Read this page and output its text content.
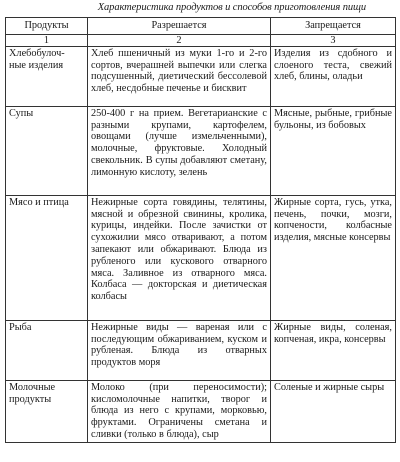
Характеристика продуктов и способов приготовления пищи
Продукты	Разрешается	Запрещается
1	2	3
Хлебобулоч-
ные изделия	Хлеб пшеничный из муки 1-го и 2-го сортов, вчерашней выпечки или слегка подсушенный, диетический бессолевой хлеб, несдобные печенье и бисквит	Изделия из сдобного и слоеного теста, свежий хлеб, блины, оладьи
Супы	250-400 г на прием. Вегетарианские с разными крупами, картофелем, овощами (лучше измельченными), молочные, фруктовые. Холодный свекольник. В супы добавляют сметану, лимонную кислоту, зелень	Мясные, рыбные, грибные бульоны, из бобовых
Мясо и птица	Нежирные сорта говядины, телятины, мясной и обрезной свинины, кролика, курицы, индейки. После зачистки от сухожилии мясо отваривают, а потом запекают или обжаривают. Блюда из рубленого или кускового отварного мяса. Заливное из отварного мяса. Колбаса — докторская и диетическая колбасы	Жирные сорта, гусь, утка, печень, почки, мозги, копчености, колбасные изделия, мясные консервы
Рыба	Нежирные виды — вареная или с последующим обжариванием, куском и рубленая. Блюда из отварных продуктов моря	Жирные виды, соленая, копченая, икра, консервы
Молочные
продукты	Молоко (при переносимости); кисломолочные напитки, творог и блюда из него с крупами, морковью, фруктами. Ограничены сметана и сливки (только в блюда), сыр	Соленые и жирные сыры
